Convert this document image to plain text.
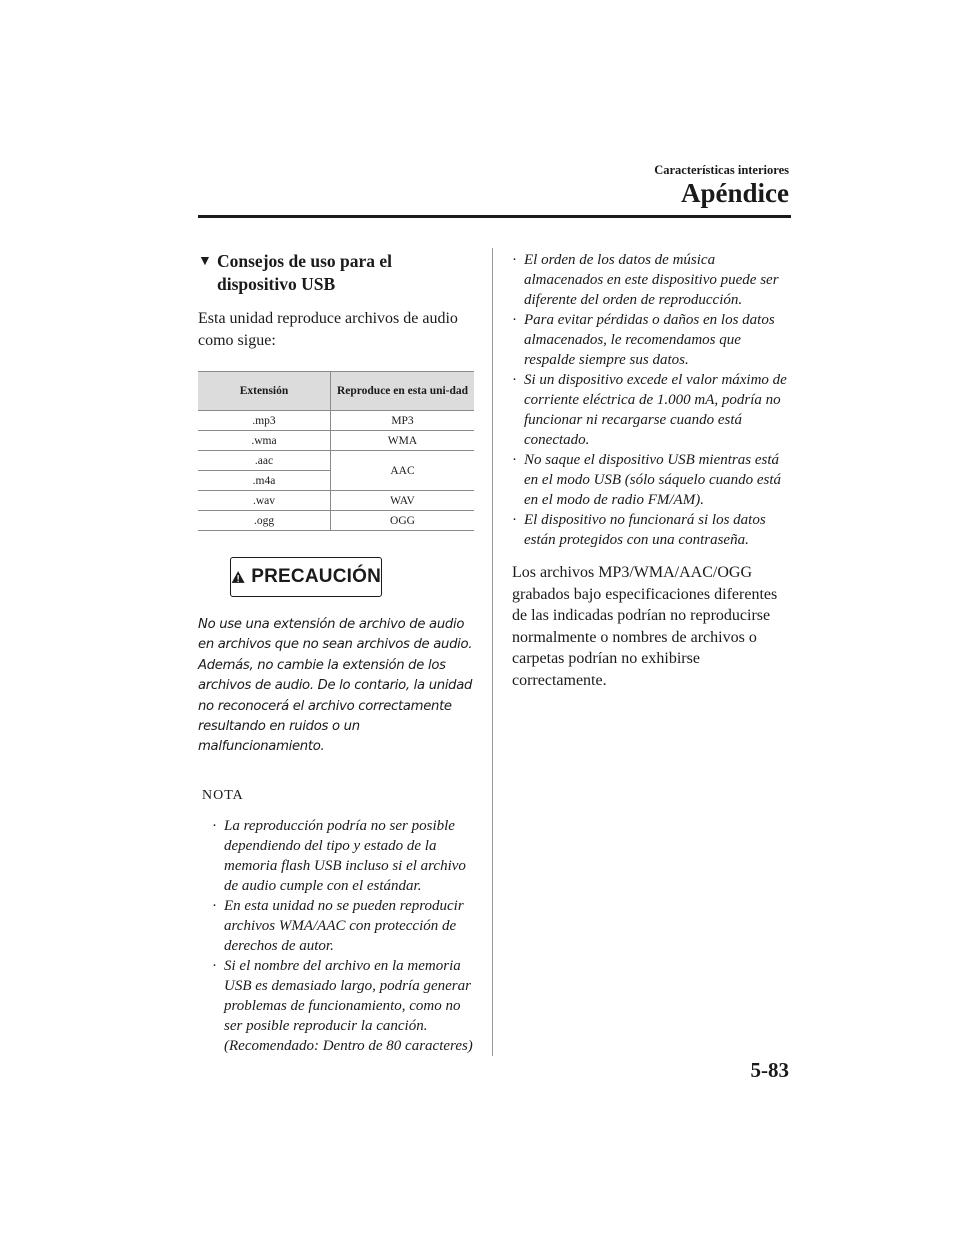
Características interiores
Apéndice
▼ Consejos de uso para el dispositivo USB
Esta unidad reproduce archivos de audio como sigue:
Extensión	Reproduce en esta uni-dad
.mp3	MP3
.wma	WMA
.aac	AAC
.m4a	
.wav	WAV
.ogg	OGG
PRECAUCIÓN
No use una extensión de archivo de audio en archivos que no sean archivos de audio. Además, no cambie la extensión de los archivos de audio. De lo contario, la unidad no reconocerá el archivo correctamente resultando en ruidos o un malfuncionamiento.
NOTA
· La reproducción podría no ser posible dependiendo del tipo y estado de la memoria flash USB incluso si el archivo de audio cumple con el estándar.
· En esta unidad no se pueden reproducir archivos WMA/AAC con protección de derechos de autor.
· Si el nombre del archivo en la memoria USB es demasiado largo, podría generar problemas de funcionamiento, como no ser posible reproducir la canción. (Recomendado: Dentro de 80 caracteres)
· El orden de los datos de música almacenados en este dispositivo puede ser diferente del orden de reproducción.
· Para evitar pérdidas o daños en los datos almacenados, le recomendamos que respalde siempre sus datos.
· Si un dispositivo excede el valor máximo de corriente eléctrica de 1.000 mA, podría no funcionar ni recargarse cuando está conectado.
· No saque el dispositivo USB mientras está en el modo USB (sólo sáquelo cuando está en el modo de radio FM/AM).
· El dispositivo no funcionará si los datos están protegidos con una contraseña.
Los archivos MP3/WMA/AAC/OGG grabados bajo especificaciones diferentes de las indicadas podrían no reproducirse normalmente o nombres de archivos o carpetas podrían no exhibirse correctamente.
5-83
